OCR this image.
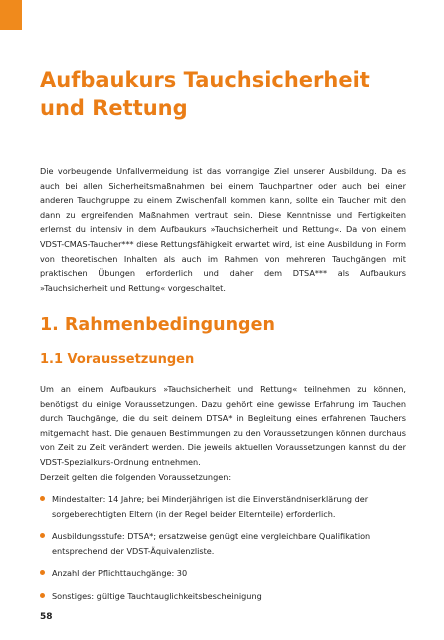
Aufbaukurs Tauchsicherheit
und Rettung

Die vorbeugende Unfallvermeidung ist das vorrangige Ziel unserer Ausbildung. Da es auch bei allen Sicherheitsmaßnahmen bei einem Tauchpartner oder auch bei einer anderen Tauchgruppe zu einem Zwischenfall kommen kann, sollte ein Taucher mit den dann zu ergreifenden Maßnahmen vertraut sein. Diese Kenntnisse und Fertigkeiten erlernst du intensiv in dem Aufbaukurs »Tauchsicherheit und Rettung«. Da von einem VDST-CMAS-Taucher*** diese Rettungsfähigkeit erwartet wird, ist eine Ausbildung in Form von theoretischen Inhalten als auch im Rahmen von mehreren Tauchgängen mit praktischen Übungen erforderlich und daher dem DTSA*** als Aufbaukurs »Tauchsicherheit und Rettung« vorgeschaltet.

1. Rahmenbedingungen
1.1 Voraussetzungen

Um an einem Aufbaukurs »Tauchsicherheit und Rettung« teilnehmen zu können, benötigst du einige Voraussetzungen. Dazu gehört eine gewisse Erfahrung im Tauchen durch Tauchgänge, die du seit deinem DTSA* in Begleitung eines erfahrenen Tauchers mitgemacht hast. Die genauen Bestimmungen zu den Voraussetzungen können durchaus von Zeit zu Zeit verändert werden. Die jeweils aktuellen Voraussetzungen kannst du der VDST-Spezialkurs-Ordnung entnehmen.

Derzeit gelten die folgenden Voraussetzungen:

Mindestalter: 14 Jahre; bei Minderjährigen ist die Einverständniserklärung der sorgeberechtigten Eltern (in der Regel beider Elternteile) erforderlich.
Ausbildungsstufe: DTSA*; ersatzweise genügt eine vergleichbare Qualifikation entsprechend der VDST-Äquivalenzliste.
Anzahl der Pflichttauchgänge: 30
Sonstiges: gültige Tauchtauglichkeitsbescheinigung

58
